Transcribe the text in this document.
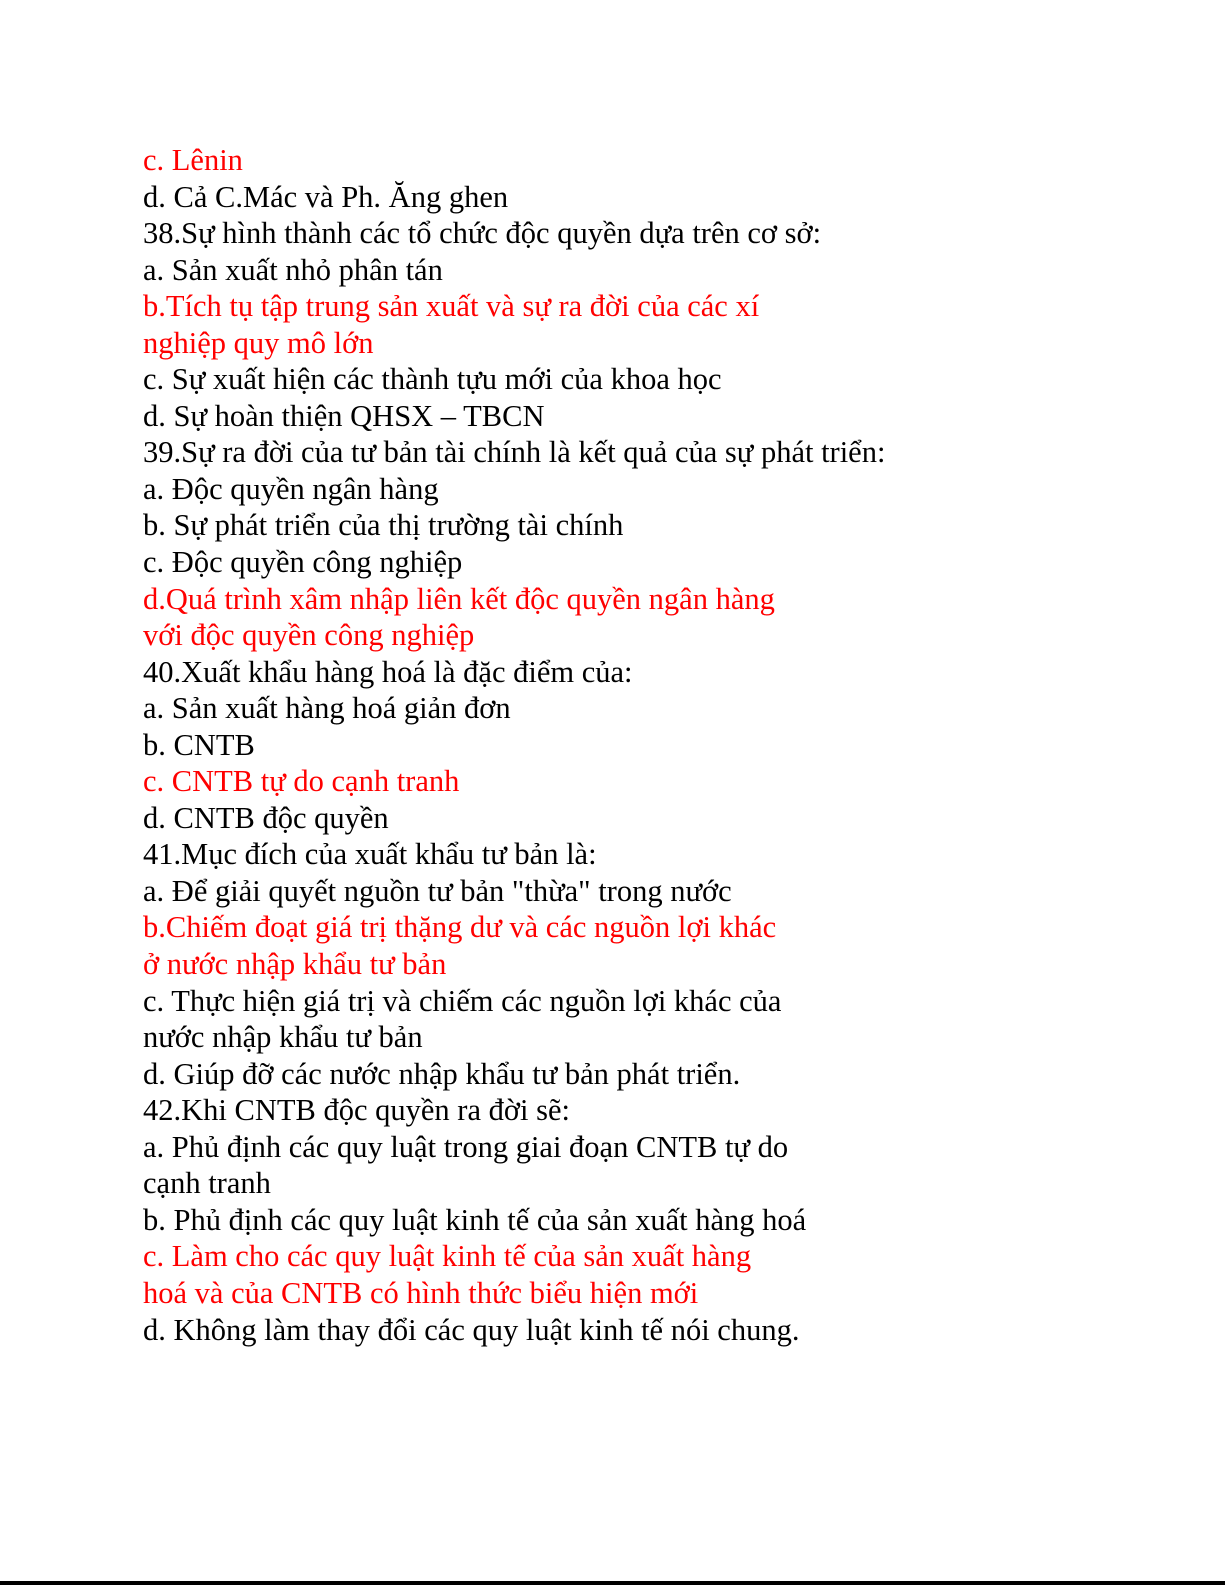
c. Lênin
d. Cả C.Mác và Ph. Ăng ghen
38.Sự hình thành các tổ chức độc quyền dựa trên cơ sở:
a. Sản xuất nhỏ phân tán
b.Tích tụ tập trung sản xuất và sự ra đời của các xí
nghiệp quy mô lớn
c. Sự xuất hiện các thành tựu mới của khoa học
d. Sự hoàn thiện QHSX – TBCN
39.Sự ra đời của tư bản tài chính là kết quả của sự phát triển:
a. Độc quyền ngân hàng
b. Sự phát triển của thị trường tài chính
c. Độc quyền công nghiệp
d.Quá trình xâm nhập liên kết độc quyền ngân hàng
với độc quyền công nghiệp
40.Xuất khẩu hàng hoá là đặc điểm của:
a. Sản xuất hàng hoá giản đơn
b. CNTB
c. CNTB tự do cạnh tranh
d. CNTB độc quyền
41.Mục đích của xuất khẩu tư bản là:
a. Để giải quyết nguồn tư bản "thừa" trong nước
b.Chiếm đoạt giá trị thặng dư và các nguồn lợi khác
ở nước nhập khẩu tư bản
c. Thực hiện giá trị và chiếm các nguồn lợi khác của
nước nhập khẩu tư bản
d. Giúp đỡ các nước nhập khẩu tư bản phát triển.
42.Khi CNTB độc quyền ra đời sẽ:
a. Phủ định các quy luật trong giai đoạn CNTB tự do
cạnh tranh
b. Phủ định các quy luật kinh tế của sản xuất hàng hoá
c. Làm cho các quy luật kinh tế của sản xuất hàng
hoá và của CNTB có hình thức biểu hiện mới
d. Không làm thay đổi các quy luật kinh tế nói chung.
